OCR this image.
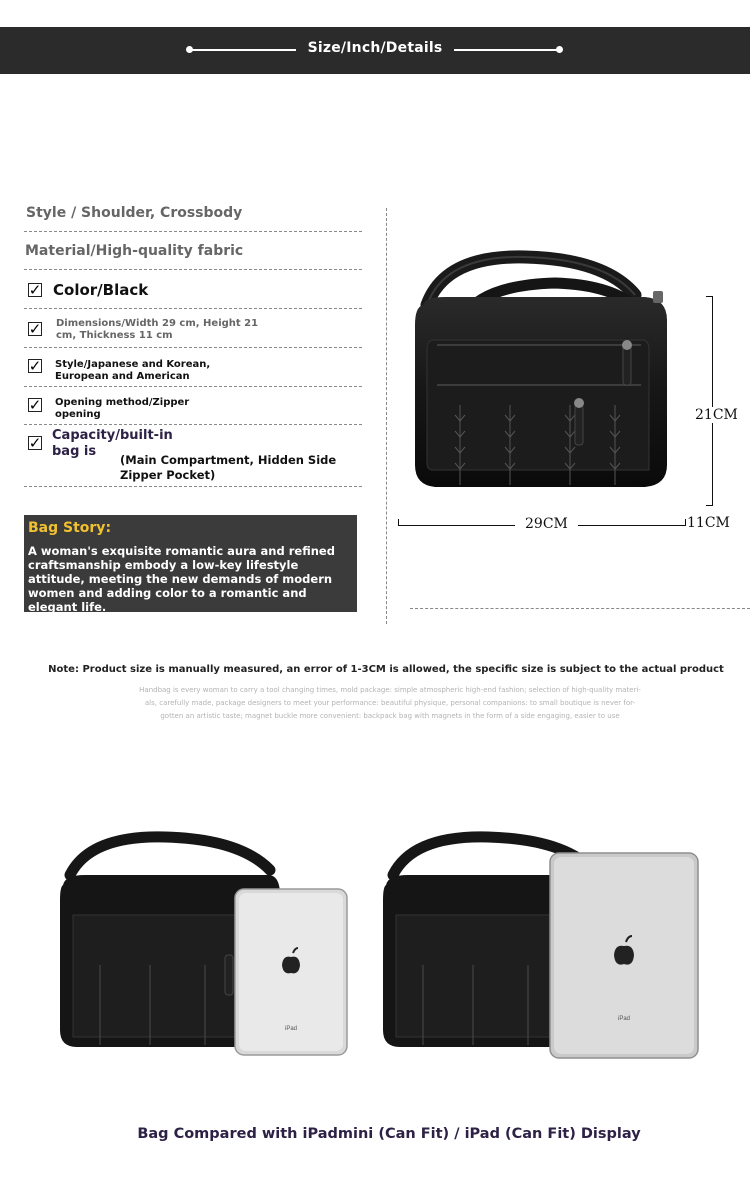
Size/Inch/Details
Style / Shoulder, Crossbody
Material/High-quality fabric
✓ Color/Black
✓ Dimensions/Width 29 cm, Height 21
cm, Thickness 11 cm
✓ Style/Japanese and Korean,
European and American
✓ Opening method/Zipper
opening
✓ Capacity/built-in
bag is
(Main Compartment, Hidden Side
Zipper Pocket)
Bag Story:
A woman's exquisite romantic aura and refined craftsmanship embody a low-key lifestyle attitude, meeting the new demands of modern women and adding color to a romantic and elegant life.
21CM
29CM	11CM
Note: Product size is manually measured, an error of 1-3CM is allowed, the specific size is subject to the actual product
Handbag is every woman to carry a tool changing times, mold package: simple atmospheric high-end fashion; selection of high-quality materi-
als, carefully made, package designers to meet your performance: beautiful physique, personal companions: to small boutique is never for-
gotten an artistic taste; magnet buckle more convenient: backpack bag with magnets in the form of a side engaging, easier to use
iPad
iPad
Bag Compared with iPadmini (Can Fit) / iPad (Can Fit) Display
